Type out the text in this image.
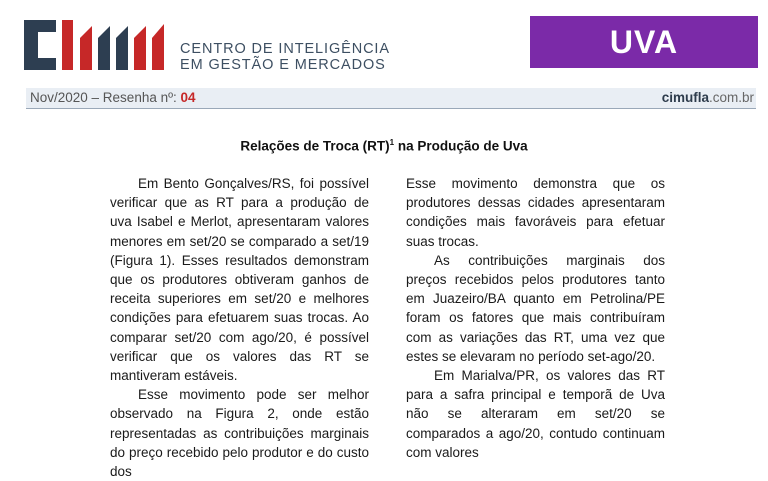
CENTRO DE INTELIGÊNCIA
EM GESTÃO E MERCADOS
UVA
Nov/2020 – Resenha nº: 04	cimufla.com.br
Relações de Troca (RT)$^1$ na Produção de Uva

Em Bento Gonçalves/RS, foi possível verificar que as RT para a produção de uva Isabel e Merlot, apresentaram valores menores em set/20 se comparado a set/19 (Figura 1). Esses resultados demonstram que os produtores obtiveram ganhos de receita superiores em set/20 e melhores condições para efetuarem suas trocas. Ao comparar set/20 com ago/20, é possível verificar que os valores das RT se mantiveram estáveis.

Esse movimento pode ser melhor observado na Figura 2, onde estão representadas as contribuições marginais do preço recebido pelo produtor e do custo dos

Esse movimento demonstra que os produtores dessas cidades apresentaram condições mais favoráveis para efetuar suas trocas.

As contribuições marginais dos preços recebidos pelos produtores tanto em Juazeiro/BA quanto em Petrolina/PE foram os fatores que mais contribuíram com as variações das RT, uma vez que estes se elevaram no período set-ago/20.

Em Marialva/PR, os valores das RT para a safra principal e temporã de Uva não se alteraram em set/20 se comparados a ago/20, contudo continuam com valores
